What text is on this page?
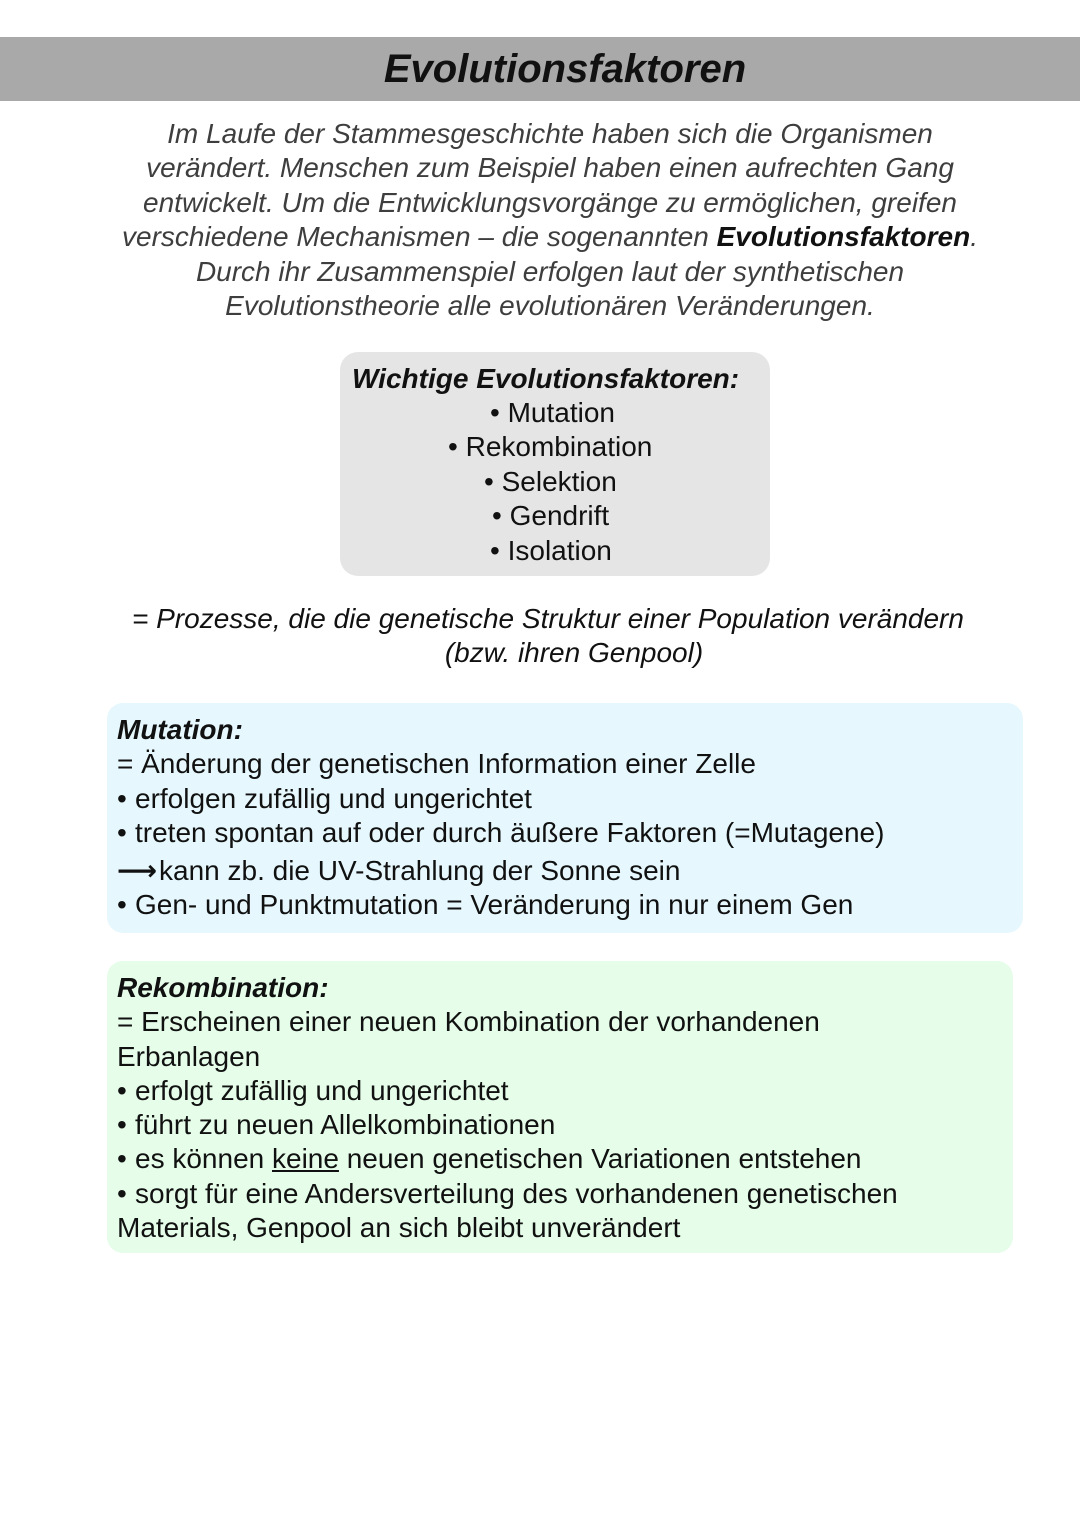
Evolutionsfaktoren
Im Laufe der Stammesgeschichte haben sich die Organismen
verändert. Menschen zum Beispiel haben einen aufrechten Gang
entwickelt. Um die Entwicklungsvorgänge zu ermöglichen, greifen
verschiedene Mechanismen – die sogenannten Evolutionsfaktoren.
Durch ihr Zusammenspiel erfolgen laut der synthetischen
Evolutionstheorie alle evolutionären Veränderungen.
Wichtige Evolutionsfaktoren:
• Mutation
• Rekombination
• Selektion
• Gendrift
• Isolation
= Prozesse, die die genetische Struktur einer Population verändern
(bzw. ihren Genpool)
Mutation:
= Änderung der genetischen Information einer Zelle
• erfolgen zufällig und ungerichtet
• treten spontan auf oder durch äußere Faktoren (=Mutagene)
⟶kann zb. die UV-Strahlung der Sonne sein
• Gen- und Punktmutation = Veränderung in nur einem Gen
Rekombination:
= Erscheinen einer neuen Kombination der vorhandenen
Erbanlagen
• erfolgt zufällig und ungerichtet
• führt zu neuen Allelkombinationen
• es können keine neuen genetischen Variationen entstehen
• sorgt für eine Andersverteilung des vorhandenen genetischen
Materials, Genpool an sich bleibt unverändert
